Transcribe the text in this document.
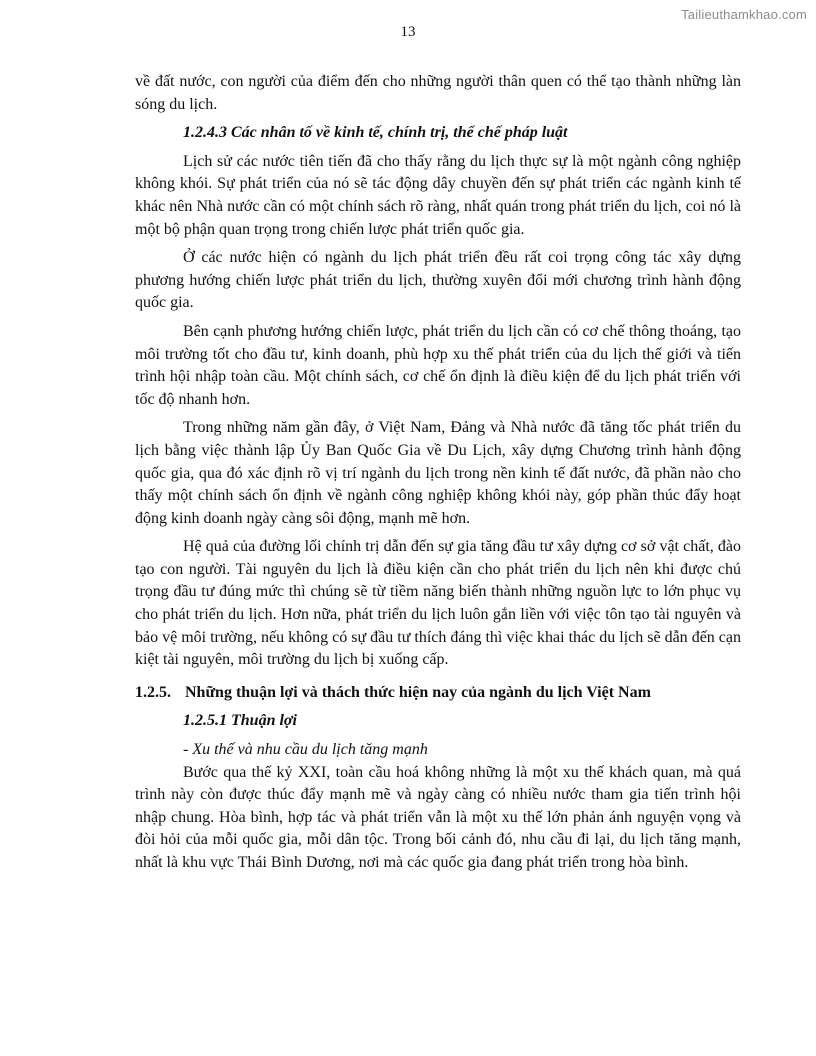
Tailieuthamkhao.com
13

về đất nước, con người của điểm đến cho những người thân quen có thể tạo thành những làn sóng du lịch.

1.2.4.3 Các nhân tố về kinh tế, chính trị, thể chế pháp luật

Lịch sử các nước tiên tiến đã cho thấy rằng du lịch thực sự là một ngành công nghiệp không khói. Sự phát triển của nó sẽ tác động dây chuyền đến sự phát triển các ngành kinh tế khác nên Nhà nước cần có một chính sách rõ ràng, nhất quán trong phát triển du lịch, coi nó là một bộ phận quan trọng trong chiến lược phát triển quốc gia.

Ở các nước hiện có ngành du lịch phát triển đều rất coi trọng công tác xây dựng phương hướng chiến lược phát triển du lịch, thường xuyên đổi mới chương trình hành động quốc gia.

Bên cạnh phương hướng chiến lược, phát triển du lịch cần có cơ chế thông thoáng, tạo môi trường tốt cho đầu tư, kinh doanh, phù hợp xu thế phát triển của du lịch thế giới và tiến trình hội nhập toàn cầu. Một chính sách, cơ chế ổn định là điều kiện để du lịch phát triển với tốc độ nhanh hơn.

Trong những năm gần đây, ở Việt Nam, Đảng và Nhà nước đã tăng tốc phát triển du lịch bằng việc thành lập Ủy Ban Quốc Gia về Du Lịch, xây dựng Chương trình hành động quốc gia, qua đó xác định rõ vị trí ngành du lịch trong nền kinh tế đất nước, đã phần nào cho thấy một chính sách ổn định về ngành công nghiệp không khói này, góp phần thúc đẩy hoạt động kinh doanh ngày càng sôi động, mạnh mẽ hơn.

Hệ quả của đường lối chính trị dẫn đến sự gia tăng đầu tư xây dựng cơ sở vật chất, đào tạo con người. Tài nguyên du lịch là điều kiện cần cho phát triển du lịch nên khi được chú trọng đầu tư đúng mức thì chúng sẽ từ tiềm năng biến thành những nguồn lực to lớn phục vụ cho phát triển du lịch. Hơn nữa, phát triển du lịch luôn gắn liền với việc tôn tạo tài nguyên và bảo vệ môi trường, nếu không có sự đầu tư thích đáng thì việc khai thác du lịch sẽ dẫn đến cạn kiệt tài nguyên, môi trường du lịch bị xuống cấp.

1.2.5. Những thuận lợi và thách thức hiện nay của ngành du lịch Việt Nam

1.2.5.1 Thuận lợi

- Xu thế và nhu cầu du lịch tăng mạnh

Bước qua thế kỷ XXI, toàn cầu hoá không những là một xu thế khách quan, mà quá trình này còn được thúc đẩy mạnh mẽ và ngày càng có nhiều nước tham gia tiến trình hội nhập chung. Hòa bình, hợp tác và phát triển vẫn là một xu thế lớn phản ánh nguyện vọng và đòi hỏi của mỗi quốc gia, mỗi dân tộc. Trong bối cảnh đó, nhu cầu đi lại, du lịch tăng mạnh, nhất là khu vực Thái Bình Dương, nơi mà các quốc gia đang phát triển trong hòa bình.
